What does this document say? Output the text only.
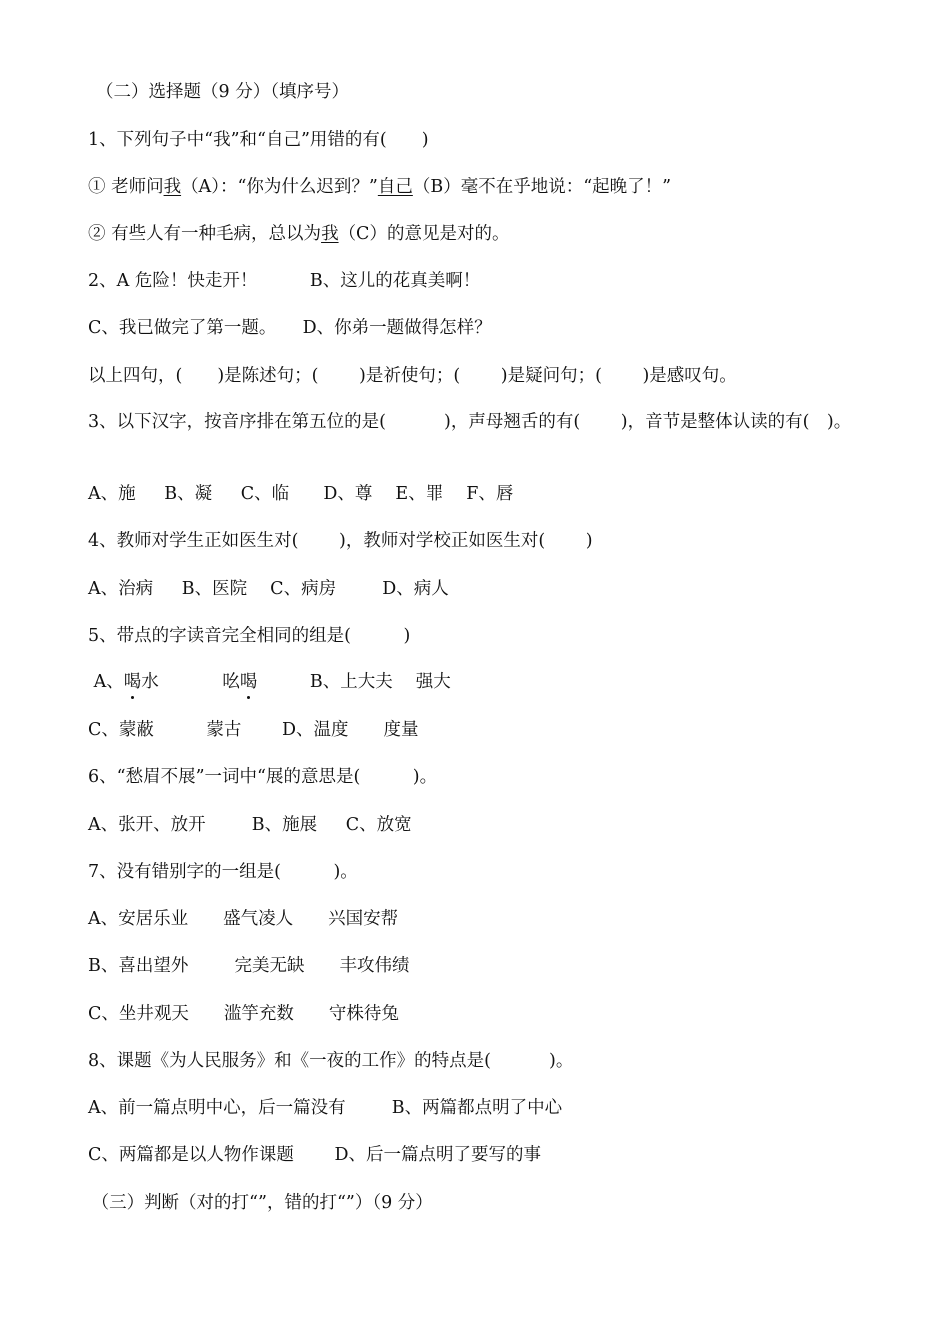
（二）选择题（9 分）（填序号）
1、下列句子中“我”和“自己”用错的有(　　)
① 老师问我（A）：“你为什么迟到？”自己（B）毫不在乎地说：“起晚了！”
② 有些人有一种毛病，总以为我（C）的意见是对的。
2、A 危险！快走开！　　　B、这儿的花真美啊！
C、我已做完了第一题。　　D、你弟一题做得怎样？
以上四句，(　　)是陈述句；(　　 )是祈使句；(　　 )是疑问句；(　　 )是感叹句。
3、以下汉字，按音序排在第五位的是(　　　 )，声母翘舌的有(　　 )，音节是整体认读的有(　)。
A、施　  B、凝　  C、临　   D、尊　 E、罪　 F、唇
4、教师对学生正如医生对(　　 )，教师对学校正如医生对(　　 )
A、治病　  B、医院　 C、病房　　  D、病人
5、带点的字读音完全相同的组是(　　　)
A、喝水　　　  吆喝　　　B、上大夫　 强大
C、蒙蔽　　　蒙古　　 D、温度　　度量
6、“愁眉不展”一词中“展的意思是(　　　)。
A、张开、放开　　  B、施展　  C、放宽
7、没有错别字的一组是(　　　)。
A、安居乐业　　盛气凌人　　兴国安帮
B、喜出望外　　  完美无缺　　丰攻伟绩
C、坐井观天　　滥竽充数　　守株待兔
8、课题《为人民服务》和《一夜的工作》的特点是(　　　 )。
A、前一篇点明中心，后一篇没有　　  B、两篇都点明了中心
C、两篇都是以人物作课题　　 D、后一篇点明了要写的事
（三）判断（对的打“”，错的打“”）（9 分）
